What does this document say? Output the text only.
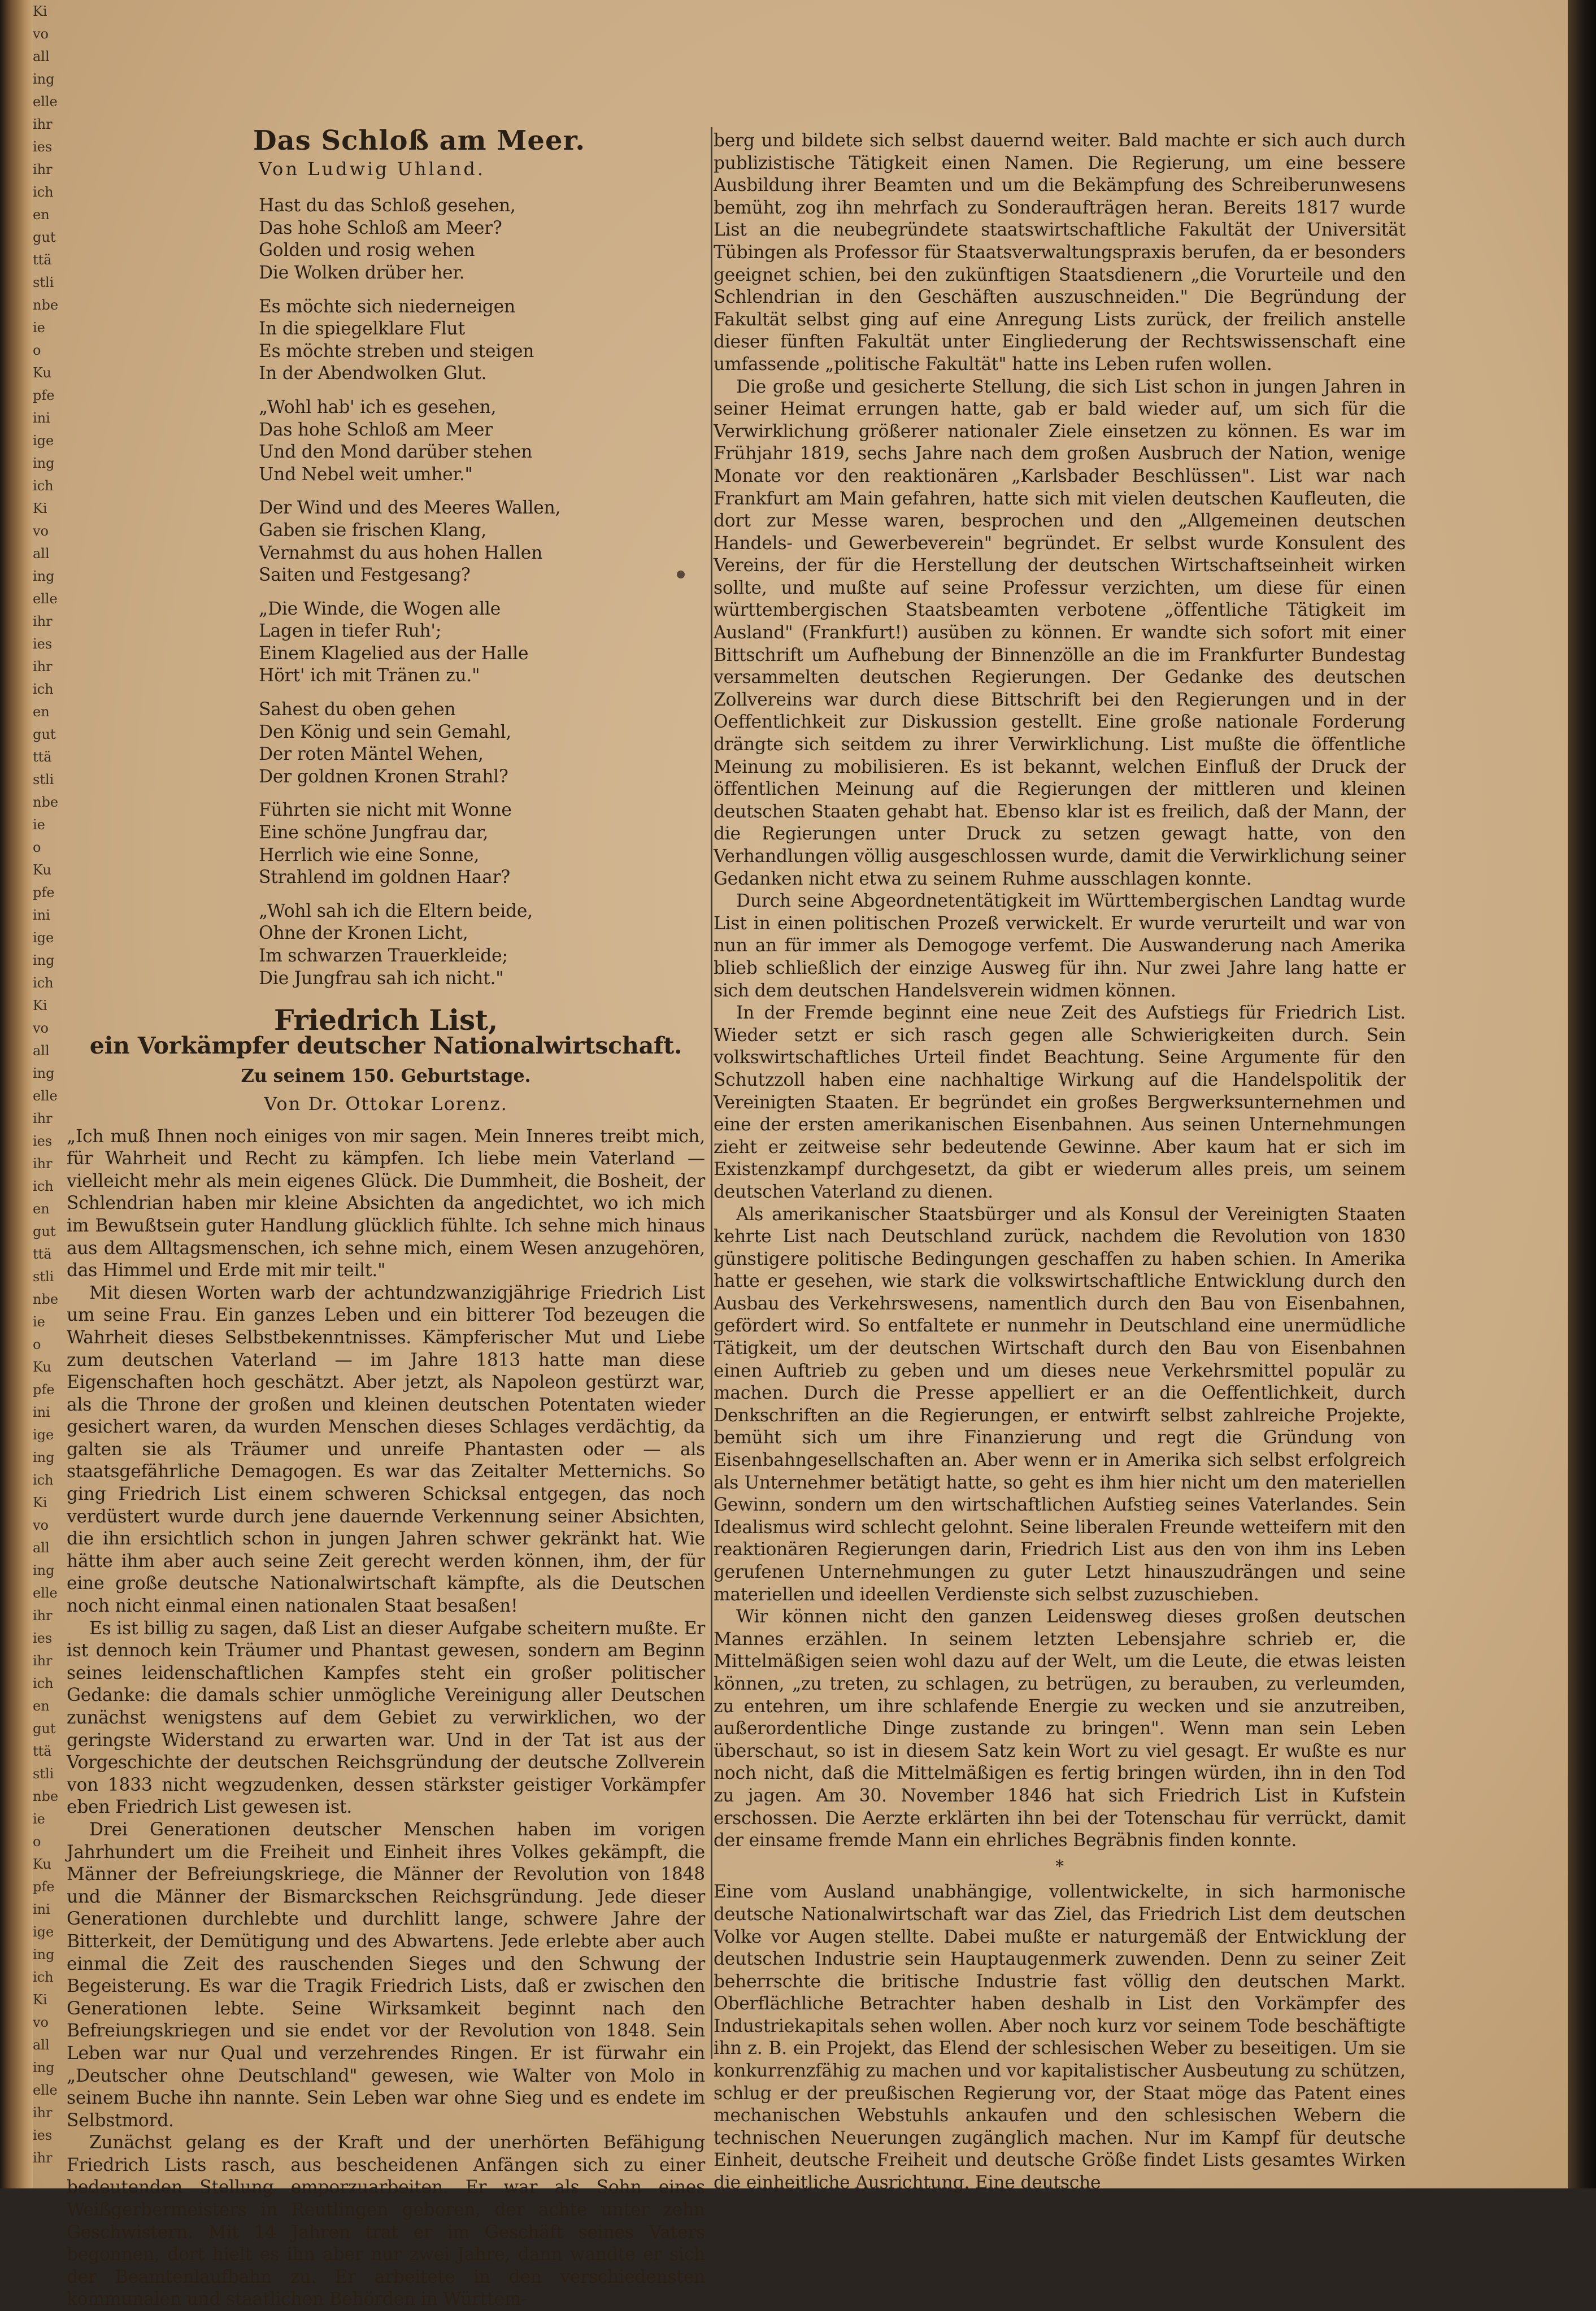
Ki
vo
all
ing
elle
ihr
ies
ihr
ich
en
gut
ttä
stli
nbe
ie
o
Ku
pfe
ini
ige
ing
ich
Ki
vo
all
ing
elle
ihr
ies
ihr
ich
en
gut
ttä
stli
nbe
ie
o
Ku
pfe
ini
ige
ing
ich
Ki
vo
all
ing
elle
ihr
ies
ihr
ich
en
gut
ttä
stli
nbe
ie
o
Ku
pfe
ini
ige
ing
ich
Ki
vo
all
ing
elle
ihr
ies
ihr
ich
en
gut
ttä
stli
nbe
ie
o
Ku
pfe
ini
ige
ing
ich
Ki
vo
all
ing
elle
ihr
ies
ihr
Das Schloß am Meer.
Von Ludwig Uhland.
Hast du das Schloß gesehen,
Das hohe Schloß am Meer?
Golden und rosig wehen
Die Wolken drüber her.
Es möchte sich niederneigen
In die spiegelklare Flut
Es möchte streben und steigen
In der Abendwolken Glut.
„Wohl hab' ich es gesehen,
Das hohe Schloß am Meer
Und den Mond darüber stehen
Und Nebel weit umher."
Der Wind und des Meeres Wallen,
Gaben sie frischen Klang,
Vernahmst du aus hohen Hallen
Saiten und Festgesang?
„Die Winde, die Wogen alle
Lagen in tiefer Ruh';
Einem Klagelied aus der Halle
Hört' ich mit Tränen zu."
Sahest du oben gehen
Den König und sein Gemahl,
Der roten Mäntel Wehen,
Der goldnen Kronen Strahl?
Führten sie nicht mit Wonne
Eine schöne Jungfrau dar,
Herrlich wie eine Sonne,
Strahlend im goldnen Haar?
„Wohl sah ich die Eltern beide,
Ohne der Kronen Licht,
Im schwarzen Trauerkleide;
Die Jungfrau sah ich nicht."
Friedrich List,
ein Vorkämpfer deutscher Nationalwirtschaft.
Zu seinem 150. Geburtstage.
Von Dr. Ottokar Lorenz.

„Ich muß Ihnen noch einiges von mir sagen. Mein Inneres treibt mich, für Wahrheit und Recht zu kämpfen. Ich liebe mein Vaterland — vielleicht mehr als mein eigenes Glück. Die Dummheit, die Bosheit, der Schlendrian haben mir kleine Absichten da angedichtet, wo ich mich im Bewußtsein guter Handlung glücklich fühlte. Ich sehne mich hinaus aus dem Alltagsmenschen, ich sehne mich, einem Wesen anzugehören, das Himmel und Erde mit mir teilt."

Mit diesen Worten warb der achtundzwanzigjährige Friedrich List um seine Frau. Ein ganzes Leben und ein bitterer Tod bezeugen die Wahrheit dieses Selbstbekenntnisses. Kämpferischer Mut und Liebe zum deutschen Vaterland — im Jahre 1813 hatte man diese Eigenschaften hoch geschätzt. Aber jetzt, als Napoleon gestürzt war, als die Throne der großen und kleinen deutschen Potentaten wieder gesichert waren, da wurden Menschen dieses Schlages verdächtig, da galten sie als Träumer und unreife Phantasten oder — als staatsgefährliche Demagogen. Es war das Zeitalter Metternichs. So ging Friedrich List einem schweren Schicksal entgegen, das noch verdüstert wurde durch jene dauernde Verkennung seiner Absichten, die ihn ersichtlich schon in jungen Jahren schwer gekränkt hat. Wie hätte ihm aber auch seine Zeit gerecht werden können, ihm, der für eine große deutsche Nationalwirtschaft kämpfte, als die Deutschen noch nicht einmal einen nationalen Staat besaßen!

Es ist billig zu sagen, daß List an dieser Aufgabe scheitern mußte. Er ist dennoch kein Träumer und Phantast gewesen, sondern am Beginn seines leidenschaftlichen Kampfes steht ein großer politischer Gedanke: die damals schier unmögliche Vereinigung aller Deutschen zunächst wenigstens auf dem Gebiet zu verwirklichen, wo der geringste Widerstand zu erwarten war. Und in der Tat ist aus der Vorgeschichte der deutschen Reichsgründung der deutsche Zollverein von 1833 nicht wegzudenken, dessen stärkster geistiger Vorkämpfer eben Friedrich List gewesen ist.

Drei Generationen deutscher Menschen haben im vorigen Jahrhundert um die Freiheit und Einheit ihres Volkes gekämpft, die Männer der Befreiungskriege, die Männer der Revolution von 1848 und die Männer der Bismarckschen Reichsgründung. Jede dieser Generationen durchlebte und durchlitt lange, schwere Jahre der Bitterkeit, der Demütigung und des Abwartens. Jede erlebte aber auch einmal die Zeit des rauschenden Sieges und den Schwung der Begeisterung. Es war die Tragik Friedrich Lists, daß er zwischen den Generationen lebte. Seine Wirksamkeit beginnt nach den Befreiungskriegen und sie endet vor der Revolution von 1848. Sein Leben war nur Qual und verzehrendes Ringen. Er ist fürwahr ein „Deutscher ohne Deutschland" gewesen, wie Walter von Molo in seinem Buche ihn nannte. Sein Leben war ohne Sieg und es endete im Selbstmord.

Zunächst gelang es der Kraft und der unerhörten Befähigung Friedrich Lists rasch, aus bescheidenen Anfängen sich zu einer bedeutenden Stellung emporzuarbeiten. Er war als Sohn eines Weißgerbermeisters in Reutlingen geboren, der achte unter zehn Geschwistern. Mit 14 Jahren trat er im Geschäft seines Vaters begonnen, dort hielt es ihn aber nur zwei Jahre, dann wandte er sich der Beamtenlaufbahn zu. Er arbeitete in den verschiedensten kommunalen und staatlichen Behörden in Württem-

berg und bildete sich selbst dauernd weiter. Bald machte er sich auch durch publizistische Tätigkeit einen Namen. Die Regierung, um eine bessere Ausbildung ihrer Beamten und um die Bekämpfung des Schreiberunwesens bemüht, zog ihn mehrfach zu Sonderaufträgen heran. Bereits 1817 wurde List an die neubegründete staatswirtschaftliche Fakultät der Universität Tübingen als Professor für Staatsverwaltungspraxis berufen, da er besonders geeignet schien, bei den zukünftigen Staatsdienern „die Vorurteile und den Schlendrian in den Geschäften auszuschneiden." Die Begründung der Fakultät selbst ging auf eine Anregung Lists zurück, der freilich anstelle dieser fünften Fakultät unter Eingliederung der Rechtswissenschaft eine umfassende „politische Fakultät" hatte ins Leben rufen wollen.

Die große und gesicherte Stellung, die sich List schon in jungen Jahren in seiner Heimat errungen hatte, gab er bald wieder auf, um sich für die Verwirklichung größerer nationaler Ziele einsetzen zu können. Es war im Frühjahr 1819, sechs Jahre nach dem großen Ausbruch der Nation, wenige Monate vor den reaktionären „Karlsbader Beschlüssen". List war nach Frankfurt am Main gefahren, hatte sich mit vielen deutschen Kaufleuten, die dort zur Messe waren, besprochen und den „Allgemeinen deutschen Handels- und Gewerbeverein" begründet. Er selbst wurde Konsulent des Vereins, der für die Herstellung der deutschen Wirtschaftseinheit wirken sollte, und mußte auf seine Professur verzichten, um diese für einen württembergischen Staatsbeamten verbotene „öffentliche Tätigkeit im Ausland" (Frankfurt!) ausüben zu können. Er wandte sich sofort mit einer Bittschrift um Aufhebung der Binnenzölle an die im Frankfurter Bundestag versammelten deutschen Regierungen. Der Gedanke des deutschen Zollvereins war durch diese Bittschrift bei den Regierungen und in der Oeffentlichkeit zur Diskussion gestellt. Eine große nationale Forderung drängte sich seitdem zu ihrer Verwirklichung. List mußte die öffentliche Meinung zu mobilisieren. Es ist bekannt, welchen Einfluß der Druck der öffentlichen Meinung auf die Regierungen der mittleren und kleinen deutschen Staaten gehabt hat. Ebenso klar ist es freilich, daß der Mann, der die Regierungen unter Druck zu setzen gewagt hatte, von den Verhandlungen völlig ausgeschlossen wurde, damit die Verwirklichung seiner Gedanken nicht etwa zu seinem Ruhme ausschlagen konnte.

Durch seine Abgeordnetentätigkeit im Württembergischen Landtag wurde List in einen politischen Prozeß verwickelt. Er wurde verurteilt und war von nun an für immer als Demogoge verfemt. Die Auswanderung nach Amerika blieb schließlich der einzige Ausweg für ihn. Nur zwei Jahre lang hatte er sich dem deutschen Handelsverein widmen können.

In der Fremde beginnt eine neue Zeit des Aufstiegs für Friedrich List. Wieder setzt er sich rasch gegen alle Schwierigkeiten durch. Sein volkswirtschaftliches Urteil findet Beachtung. Seine Argumente für den Schutzzoll haben eine nachhaltige Wirkung auf die Handelspolitik der Vereinigten Staaten. Er begründet ein großes Bergwerksunternehmen und eine der ersten amerikanischen Eisenbahnen. Aus seinen Unternehmungen zieht er zeitweise sehr bedeutende Gewinne. Aber kaum hat er sich im Existenzkampf durchgesetzt, da gibt er wiederum alles preis, um seinem deutschen Vaterland zu dienen.

Als amerikanischer Staatsbürger und als Konsul der Vereinigten Staaten kehrte List nach Deutschland zurück, nachdem die Revolution von 1830 günstigere politische Bedingungen geschaffen zu haben schien. In Amerika hatte er gesehen, wie stark die volkswirtschaftliche Entwicklung durch den Ausbau des Verkehrswesens, namentlich durch den Bau von Eisenbahnen, gefördert wird. So entfaltete er nunmehr in Deutschland eine unermüdliche Tätigkeit, um der deutschen Wirtschaft durch den Bau von Eisenbahnen einen Auftrieb zu geben und um dieses neue Verkehrsmittel populär zu machen. Durch die Presse appelliert er an die Oeffentlichkeit, durch Denkschriften an die Regierungen, er entwirft selbst zahlreiche Projekte, bemüht sich um ihre Finanzierung und regt die Gründung von Eisenbahngesellschaften an. Aber wenn er in Amerika sich selbst erfolgreich als Unternehmer betätigt hatte, so geht es ihm hier nicht um den materiellen Gewinn, sondern um den wirtschaftlichen Aufstieg seines Vaterlandes. Sein Idealismus wird schlecht gelohnt. Seine liberalen Freunde wetteifern mit den reaktionären Regierungen darin, Friedrich List aus den von ihm ins Leben gerufenen Unternehmungen zu guter Letzt hinauszudrängen und seine materiellen und ideellen Verdienste sich selbst zuzuschieben.

Wir können nicht den ganzen Leidensweg dieses großen deutschen Mannes erzählen. In seinem letzten Lebensjahre schrieb er, die Mittelmäßigen seien wohl dazu auf der Welt, um die Leute, die etwas leisten können, „zu treten, zu schlagen, zu betrügen, zu berauben, zu verleumden, zu entehren, um ihre schlafende Energie zu wecken und sie anzutreiben, außerordentliche Dinge zustande zu bringen". Wenn man sein Leben überschaut, so ist in diesem Satz kein Wort zu viel gesagt. Er wußte es nur noch nicht, daß die Mittelmäßigen es fertig bringen würden, ihn in den Tod zu jagen. Am 30. November 1846 hat sich Friedrich List in Kufstein erschossen. Die Aerzte erklärten ihn bei der Totenschau für verrückt, damit der einsame fremde Mann ein ehrliches Begräbnis finden konnte.

*

Eine vom Ausland unabhängige, vollentwickelte, in sich harmonische deutsche Nationalwirtschaft war das Ziel, das Friedrich List dem deutschen Volke vor Augen stellte. Dabei mußte er naturgemäß der Entwicklung der deutschen Industrie sein Hauptaugenmerk zuwenden. Denn zu seiner Zeit beherrschte die britische Industrie fast völlig den deutschen Markt. Oberflächliche Betrachter haben deshalb in List den Vorkämpfer des Industriekapitals sehen wollen. Aber noch kurz vor seinem Tode beschäftigte ihn z. B. ein Projekt, das Elend der schlesischen Weber zu beseitigen. Um sie konkurrenzfähig zu machen und vor kapitalistischer Ausbeutung zu schützen, schlug er der preußischen Regierung vor, der Staat möge das Patent eines mechanischen Webstuhls ankaufen und den schlesischen Webern die technischen Neuerungen zugänglich machen. Nur im Kampf für deutsche Einheit, deutsche Freiheit und deutsche Größe findet Lists gesamtes Wirken die einheitliche Ausrichtung. Eine deutsche
